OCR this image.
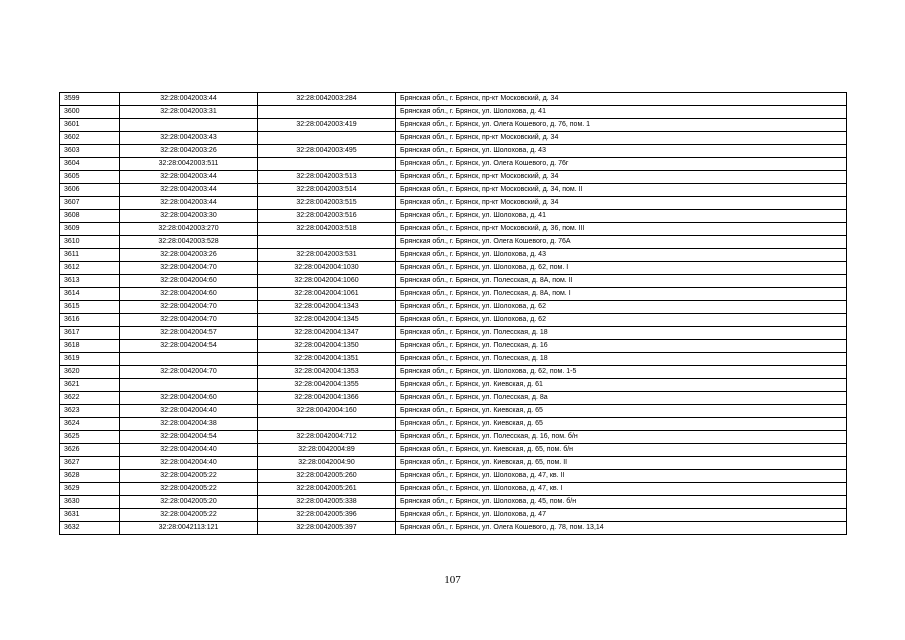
3599	32:28:0042003:44	32:28:0042003:284	Брянская обл., г. Брянск, пр-кт Московский, д. 34
3600	32:28:0042003:31		Брянская обл., г. Брянск, ул. Шолохова, д. 41
3601		32:28:0042003:419	Брянская обл., г. Брянск, ул. Олега Кошевого, д. 76, пом. 1
3602	32:28:0042003:43		Брянская обл., г. Брянск, пр-кт Московский, д. 34
3603	32:28:0042003:26	32:28:0042003:495	Брянская обл., г. Брянск, ул. Шолохова, д. 43
3604	32:28:0042003:511		Брянская обл., г. Брянск, ул. Олега Кошевого, д. 76г
3605	32:28:0042003:44	32:28:0042003:513	Брянская обл., г. Брянск, пр-кт Московский, д. 34
3606	32:28:0042003:44	32:28:0042003:514	Брянская обл., г. Брянск, пр-кт Московский, д. 34, пом. II
3607	32:28:0042003:44	32:28:0042003:515	Брянская обл., г. Брянск, пр-кт Московский, д. 34
3608	32:28:0042003:30	32:28:0042003:516	Брянская обл., г. Брянск, ул. Шолохова, д. 41
3609	32:28:0042003:270	32:28:0042003:518	Брянская обл., г. Брянск, пр-кт Московский, д. 36, пом. III
3610	32:28:0042003:528		Брянская обл., г. Брянск, ул. Олега Кошевого, д. 76А
3611	32:28:0042003:26	32:28:0042003:531	Брянская обл., г. Брянск, ул. Шолохова, д. 43
3612	32:28:0042004:70	32:28:0042004:1030	Брянская обл., г. Брянск, ул. Шолохова, д. 62, пом. I
3613	32:28:0042004:60	32:28:0042004:1060	Брянская обл., г. Брянск, ул. Полесская, д. 8А, пом. II
3614	32:28:0042004:60	32:28:0042004:1061	Брянская обл., г. Брянск, ул. Полесская, д. 8А, пом. I
3615	32:28:0042004:70	32:28:0042004:1343	Брянская обл., г. Брянск, ул. Шолохова, д. 62
3616	32:28:0042004:70	32:28:0042004:1345	Брянская обл., г. Брянск, ул. Шолохова, д. 62
3617	32:28:0042004:57	32:28:0042004:1347	Брянская обл., г. Брянск, ул. Полесская, д. 18
3618	32:28:0042004:54	32:28:0042004:1350	Брянская обл., г. Брянск, ул. Полесская, д. 16
3619		32:28:0042004:1351	Брянская обл., г. Брянск, ул. Полесская, д. 18
3620	32:28:0042004:70	32:28:0042004:1353	Брянская обл., г. Брянск, ул. Шолохова, д. 62, пом. 1-5
3621		32:28:0042004:1355	Брянская обл., г. Брянск, ул. Киевская, д. 61
3622	32:28:0042004:60	32:28:0042004:1366	Брянская обл., г. Брянск, ул. Полесская, д. 8а
3623	32:28:0042004:40	32:28:0042004:160	Брянская обл., г. Брянск, ул. Киевская, д. 65
3624	32:28:0042004:38		Брянская обл., г. Брянск, ул. Киевская, д. 65
3625	32:28:0042004:54	32:28:0042004:712	Брянская обл., г. Брянск, ул. Полесская, д. 16, пом. б/н
3626	32:28:0042004:40	32:28:0042004:89	Брянская обл., г. Брянск, ул. Киевская, д. 65, пом. б/н
3627	32:28:0042004:40	32:28:0042004:90	Брянская обл., г. Брянск, ул. Киевская, д. 65, пом. II
3628	32:28:0042005:22	32:28:0042005:260	Брянская обл., г. Брянск, ул. Шолохова, д. 47, кв. II
3629	32:28:0042005:22	32:28:0042005:261	Брянская обл., г. Брянск, ул. Шолохова, д. 47, кв. I
3630	32:28:0042005:20	32:28:0042005:338	Брянская обл., г. Брянск, ул. Шолохова, д. 45, пом. б/н
3631	32:28:0042005:22	32:28:0042005:396	Брянская обл., г. Брянск, ул. Шолохова, д. 47
3632	32:28:0042113:121	32:28:0042005:397	Брянская обл., г. Брянск, ул. Олега Кошевого, д. 78, пом. 13,14
107
